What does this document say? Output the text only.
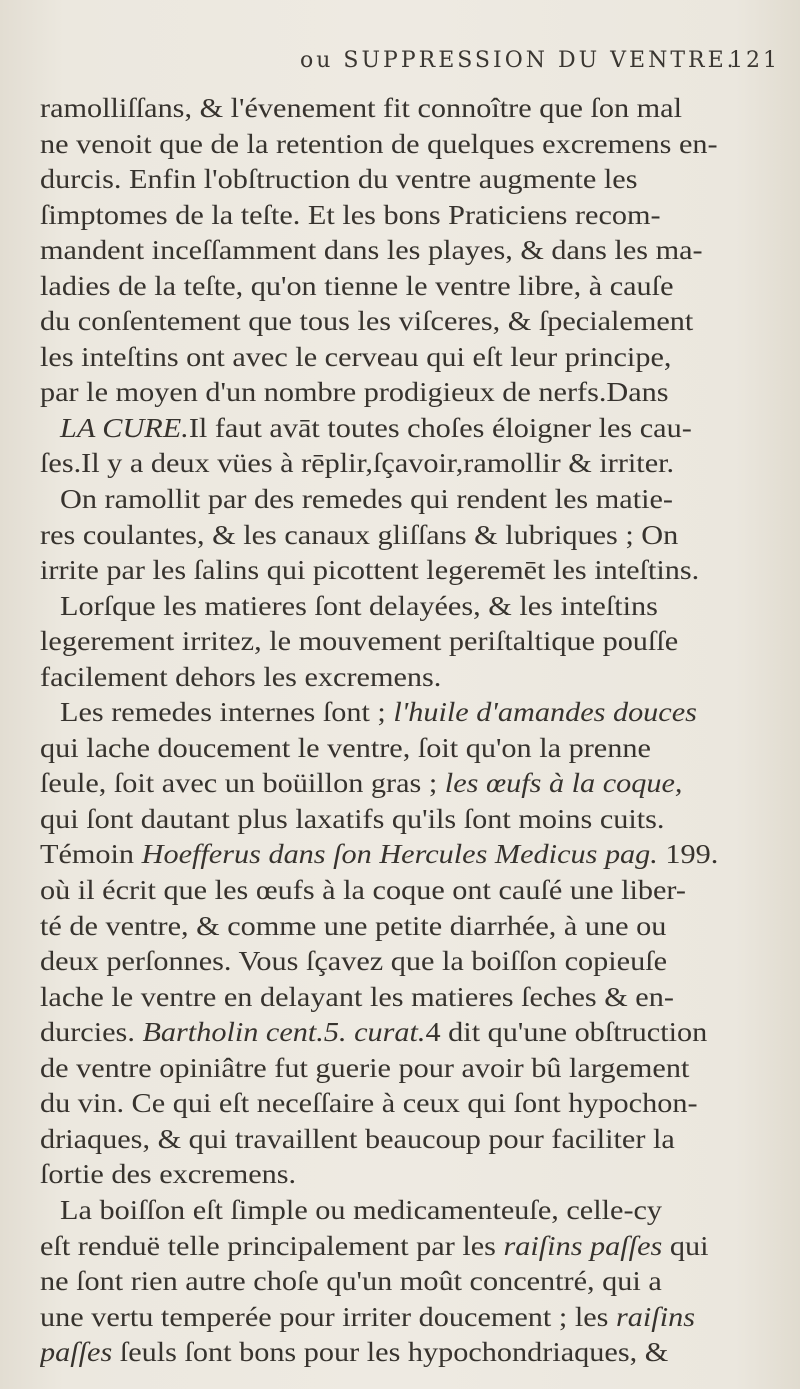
ou SUPPRESSION DU VENTRE.
121
ramolliſſans, & l'évenement fit connoître que ſon mal
ne venoit que de la retention de quelques excremens en-
durcis. Enfin l'obſtruction du ventre augmente les
ſimptomes de la teſte. Et les bons Praticiens recom-
mandent inceſſamment dans les playes, & dans les ma-
ladies de la teſte, qu'on tienne le ventre libre, à cauſe
du conſentement que tous les viſceres, & ſpecialement
les inteſtins ont avec le cerveau qui eſt leur principe,
par le moyen d'un nombre prodigieux de nerfs.Dans
LA CURE.Il faut avāt toutes choſes éloigner les cau-
ſes.Il y a deux vües à rēplir,ſçavoir,ramollir & irriter.
On ramollit par des remedes qui rendent les matie-
res coulantes, & les canaux gliſſans & lubriques ; On
irrite par les ſalins qui picottent legeremēt les inteſtins.
Lorſque les matieres ſont delayées, & les inteſtins
legerement irritez, le mouvement periſtaltique pouſſe
facilement dehors les excremens.
Les remedes internes ſont ; l'huile d'amandes douces
qui lache doucement le ventre, ſoit qu'on la prenne
ſeule, ſoit avec un boüillon gras ; les œufs à la coque,
qui ſont dautant plus laxatifs qu'ils ſont moins cuits.
Témoin Hoefferus dans ſon Hercules Medicus pag. 199.
où il écrit que les œufs à la coque ont cauſé une liber-
té de ventre, & comme une petite diarrhée, à une ou
deux perſonnes. Vous ſçavez que la boiſſon copieuſe
lache le ventre en delayant les matieres ſeches & en-
durcies. Bartholin cent.5. curat.4 dit qu'une obſtruction
de ventre opiniâtre fut guerie pour avoir bû largement
du vin. Ce qui eſt neceſſaire à ceux qui ſont hypochon-
driaques, & qui travaillent beaucoup pour faciliter la
ſortie des excremens.
La boiſſon eſt ſimple ou medicamenteuſe, celle-cy
eſt renduë telle principalement par les raiſins paſſes qui
ne ſont rien autre choſe qu'un moût concentré, qui a
une vertu temperée pour irriter doucement ; les raiſins
paſſes ſeuls ſont bons pour les hypochondriaques, &
